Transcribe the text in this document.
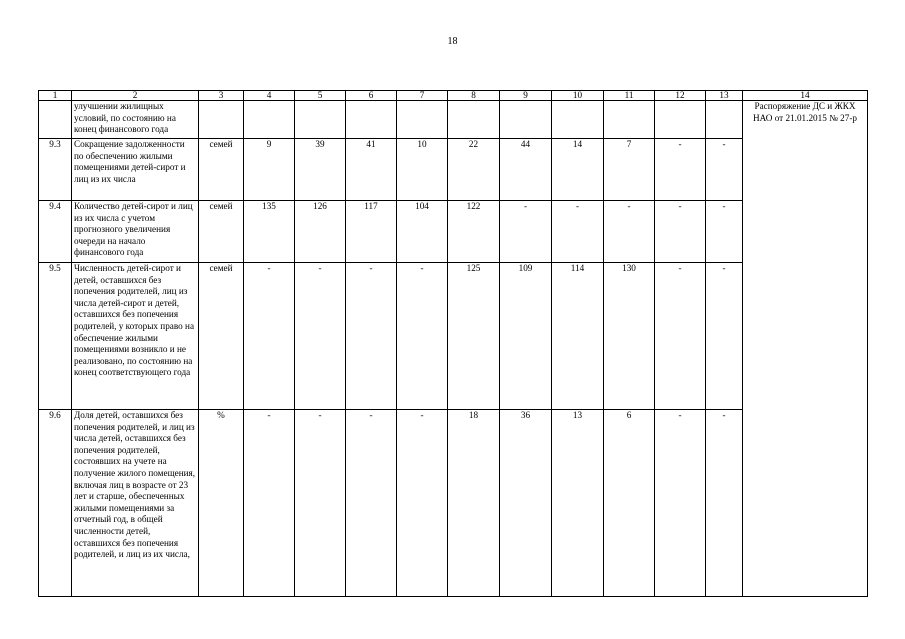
18
1	2	3	4	5	6	7	8	9	10	11	12	13	14
	улучшении жилищных условий, по состоянию на конец финансового года												Распоряжение ДС и ЖКХ НАО от 21.01.2015 № 27-р
9.3	Сокращение задолженности по обеспечению жилыми помещениями детей-сирот и лиц из их числа	семей	9	39	41	10	22	44	14	7	-	-	
9.4	Количество детей-сирот и лиц из их числа с учетом прогнозного увеличения очереди на начало финансового года	семей	135	126	117	104	122	-	-	-	-	-	
9.5	Численность детей-сирот и детей, оставшихся без попечения родителей, лиц из числа детей-сирот и детей, оставшихся без попечения родителей, у которых право на обеспечение жилыми помещениями возникло и не реализовано, по состоянию на конец соответствующего года	семей	-	-	-	-	125	109	114	130	-	-	
9.6	Доля детей, оставшихся без попечения родителей, и лиц из числа детей, оставшихся без попечения родителей, состоявших на учете на получение жилого помещения, включая лиц в возрасте от 23 лет и старше, обеспеченных жилыми помещениями за отчетный год, в общей численности детей, оставшихся без попечения родителей, и лиц из их числа,	%	-	-	-	-	18	36	13	6	-	-	
